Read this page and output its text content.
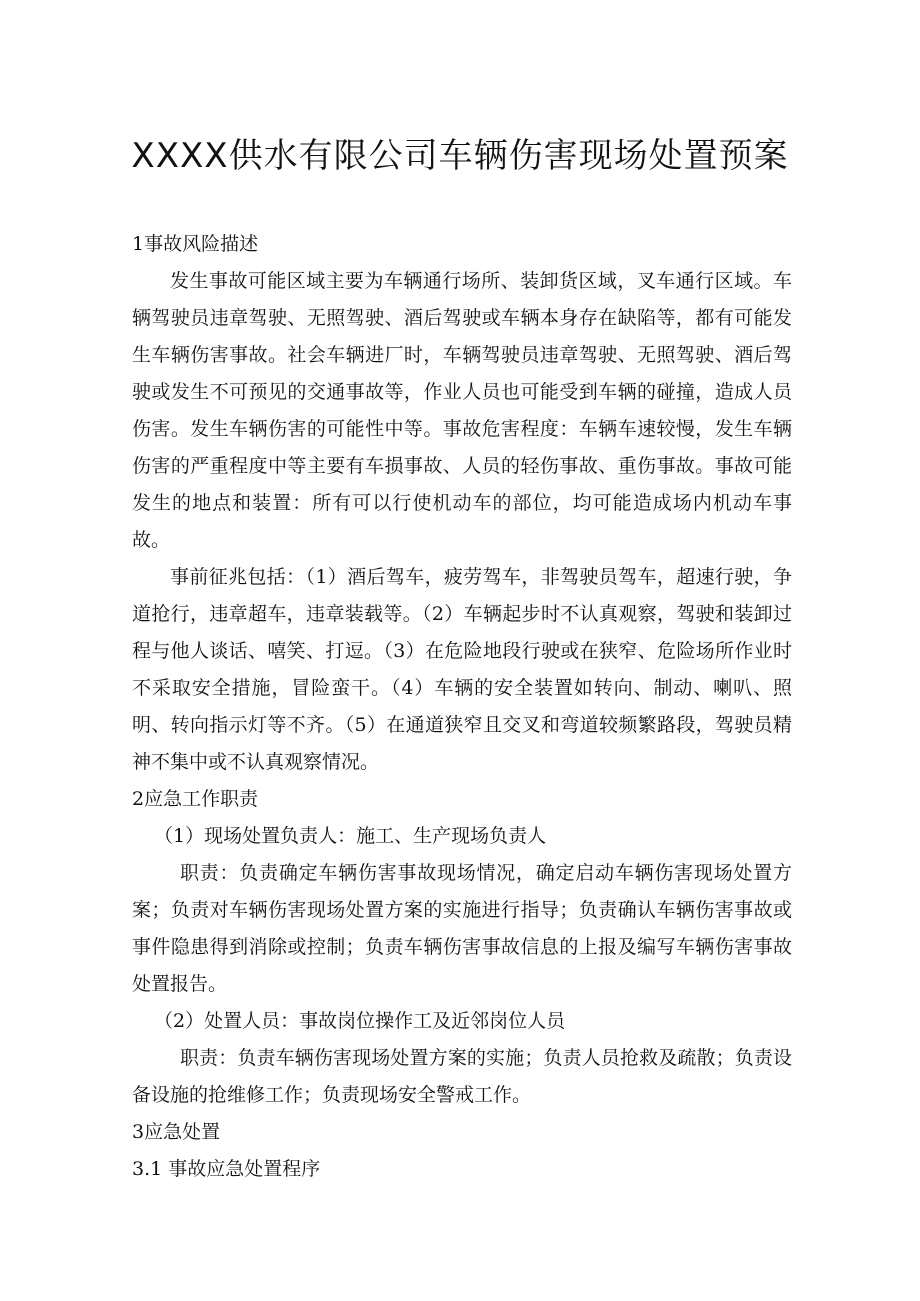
XXXX供水有限公司车辆伤害现场处置预案

1事故风险描述

发生事故可能区域主要为车辆通行场所、装卸货区域，叉车通行区域。车辆驾驶员违章驾驶、无照驾驶、酒后驾驶或车辆本身存在缺陷等，都有可能发生车辆伤害事故。社会车辆进厂时，车辆驾驶员违章驾驶、无照驾驶、酒后驾驶或发生不可预见的交通事故等，作业人员也可能受到车辆的碰撞，造成人员伤害。发生车辆伤害的可能性中等。事故危害程度：车辆车速较慢，发生车辆伤害的严重程度中等主要有车损事故、人员的轻伤事故、重伤事故。事故可能发生的地点和装置：所有可以行使机动车的部位，均可能造成场内机动车事故。

事前征兆包括：（1）酒后驾车，疲劳驾车，非驾驶员驾车，超速行驶，争道抢行，违章超车，违章装载等。（2）车辆起步时不认真观察，驾驶和装卸过程与他人谈话、嘻笑、打逗。（3）在危险地段行驶或在狭窄、危险场所作业时不采取安全措施，冒险蛮干。（4）车辆的安全装置如转向、制动、喇叭、照明、转向指示灯等不齐。（5）在通道狭窄且交叉和弯道较频繁路段，驾驶员精神不集中或不认真观察情况。

2应急工作职责

（1）现场处置负责人：施工、生产现场负责人

职责：负责确定车辆伤害事故现场情况，确定启动车辆伤害现场处置方案；负责对车辆伤害现场处置方案的实施进行指导；负责确认车辆伤害事故或事件隐患得到消除或控制；负责车辆伤害事故信息的上报及编写车辆伤害事故处置报告。

（2）处置人员：事故岗位操作工及近邻岗位人员

职责：负责车辆伤害现场处置方案的实施；负责人员抢救及疏散；负责设备设施的抢维修工作；负责现场安全警戒工作。

3应急处置

3.1 事故应急处置程序
